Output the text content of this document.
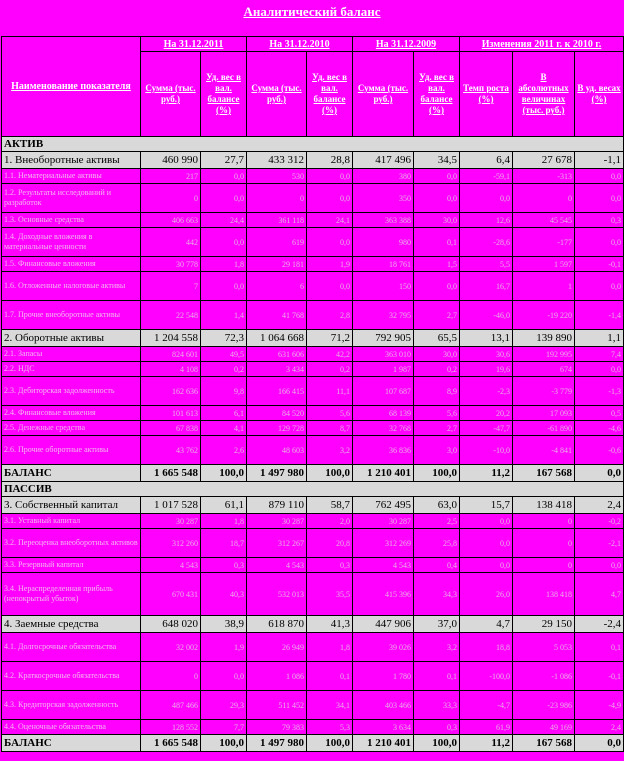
Аналитический баланс
Наименование показателя	На 31.12.2011		На 31.12.2010		На 31.12.2009		Изменения 2011 г. к 2010 г.		
	Сумма (тыс. руб.)	Уд. вес в вал. балансе (%)	Сумма (тыс. руб.)	Уд. вес в вал. балансе (%)	Сумма (тыс. руб.)	Уд. вес в вал. балансе (%)	Темп роста (%)	В абсолютных величинах (тыс. руб.)	В уд. весах (%)
АКТИВ									
1. Внеоборотные активы	460 990	27,7	433 312	28,8	417 496	34,5	6,4	27 678	-1,1
1.1. Нематериальные активы	217	0,0	530	0,0	380	0,0	-59,1	-313	0,0
1.2. Результаты исследований и разработок	0	0,0	0	0,0	350	0,0	0,0	0	0,0
1.3. Основные средства	406 663	24,4	361 118	24,1	363 388	30,0	12,6	45 545	0,3
1.4. Доходные вложения в материальные ценности	442	0,0	619	0,0	980	0,1	-28,6	-177	0,0
1.5. Финансовые вложения	30 778	1,8	29 181	1,9	18 761	1,5	5,5	1 597	-0,1
1.6. Отложенные налоговые активы	7	0,0	6	0,0	150	0,0	16,7	1	0,0
1.7. Прочие внеоборотные активы	22 548	1,4	41 768	2,8	32 795	2,7	-46,0	-19 220	-1,4
2. Оборотные активы	1 204 558	72,3	1 064 668	71,2	792 905	65,5	13,1	139 890	1,1
2.1. Запасы	824 601	49,5	631 606	42,2	363 010	30,0	30,6	192 995	7,4
2.2. НДС	4 108	0,2	3 434	0,2	1 987	0,2	19,6	674	0,0
2.3. Дебиторская задолженность	162 636	9,8	166 415	11,1	107 687	8,9	-2,3	-3 779	-1,3
2.4. Финансовые вложения	101 613	6,1	84 520	5,6	68 139	5,6	20,2	17 093	0,5
2.5. Денежные средства	67 838	4,1	129 728	8,7	32 768	2,7	-47,7	-61 890	-4,6
2.6. Прочие оборотные активы	43 762	2,6	48 603	3,2	36 836	3,0	-10,0	-4 841	-0,6
БАЛАНС	1 665 548	100,0	1 497 980	100,0	1 210 401	100,0	11,2	167 568	0,0
ПАССИВ									
3. Собственный капитал	1 017 528	61,1	879 110	58,7	762 495	63,0	15,7	138 418	2,4
3.1. Уставный капитал	30 287	1,8	30 287	2,0	30 287	2,5	0,0	0	-0,2
3.2. Переоценка внеоборотных активов	312 260	18,7	312 267	20,8	312 269	25,8	0,0	0	-2,1
3.3. Резервный капитал	4 543	0,3	4 543	0,3	4 543	0,4	0,0	0	0,0
3.4. Нераспределенная прибыль (непокрытый убыток)	670 431	40,3	532 013	35,5	415 396	34,3	26,0	138 418	4,7
4. Заемные средства	648 020	38,9	618 870	41,3	447 906	37,0	4,7	29 150	-2,4
4.1. Долгосрочные обязательства	32 002	1,9	26 949	1,8	39 026	3,2	18,8	5 053	0,1
4.2. Краткосрочные обязательства	0	0,0	1 086	0,1	1 780	0,1	-100,0	-1 086	-0,1
4.3. Кредиторская задолженность	487 466	29,3	511 452	34,1	403 466	33,3	-4,7	-23 986	-4,9
4.4. Оценочные обязательства	128 552	7,7	79 383	5,3	3 634	0,3	61,9	49 169	2,4
БАЛАНС	1 665 548	100,0	1 497 980	100,0	1 210 401	100,0	11,2	167 568	0,0
